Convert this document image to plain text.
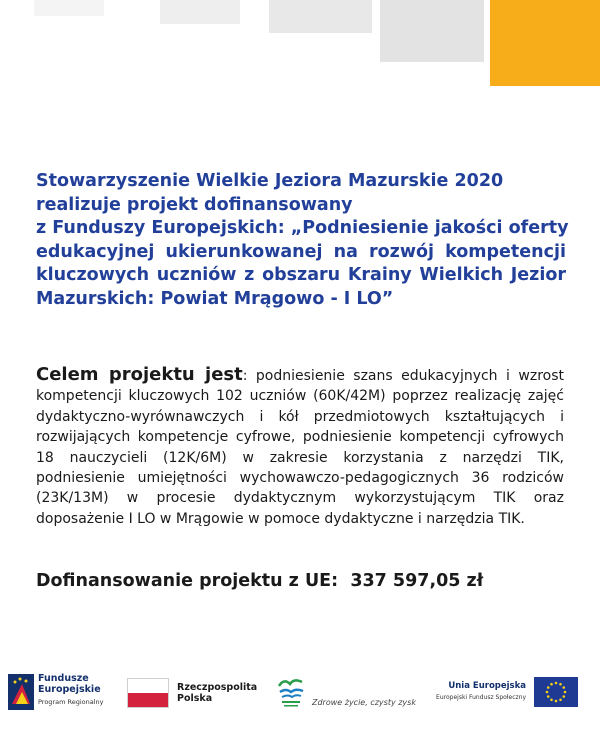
Stowarzyszenie Wielkie Jeziora Mazurskie 2020
realizuje projekt dofinansowany
z Funduszy Europejskich: „Podniesienie jakości oferty
edukacyjnej ukierunkowanej na rozwój kompetencji
kluczowych uczniów z obszaru Krainy Wielkich Jezior
Mazurskich: Powiat Mrągowo - I LO”

Celem projektu jest: podniesienie szans edukacyjnych i wzrost kompetencji kluczowych 102 uczniów (60K/42M) poprzez realizację zajęć dydaktyczno-wyrównawczych i kół przedmiotowych kształtujących i rozwijających kompetencje cyfrowe, podniesienie kompetencji cyfrowych 18 nauczycieli (12K/6M) w zakresie korzystania z narzędzi TIK, podniesienie umiejętności wychowawczo-pedagogicznych 36 rodziców (23K/13M) w procesie dydaktycznym wykorzystującym TIK oraz doposażenie I LO w Mrągowie w pomoce dydaktyczne i narzędzia TIK.

Dofinansowanie projektu z UE: 337 597,05 zł
Fundusze
Europejskie
Program Regionalny
Rzeczpospolita
Polska	Zdrowe życie, czysty zysk
Unia Europejska
Europejski Fundusz Społeczny
